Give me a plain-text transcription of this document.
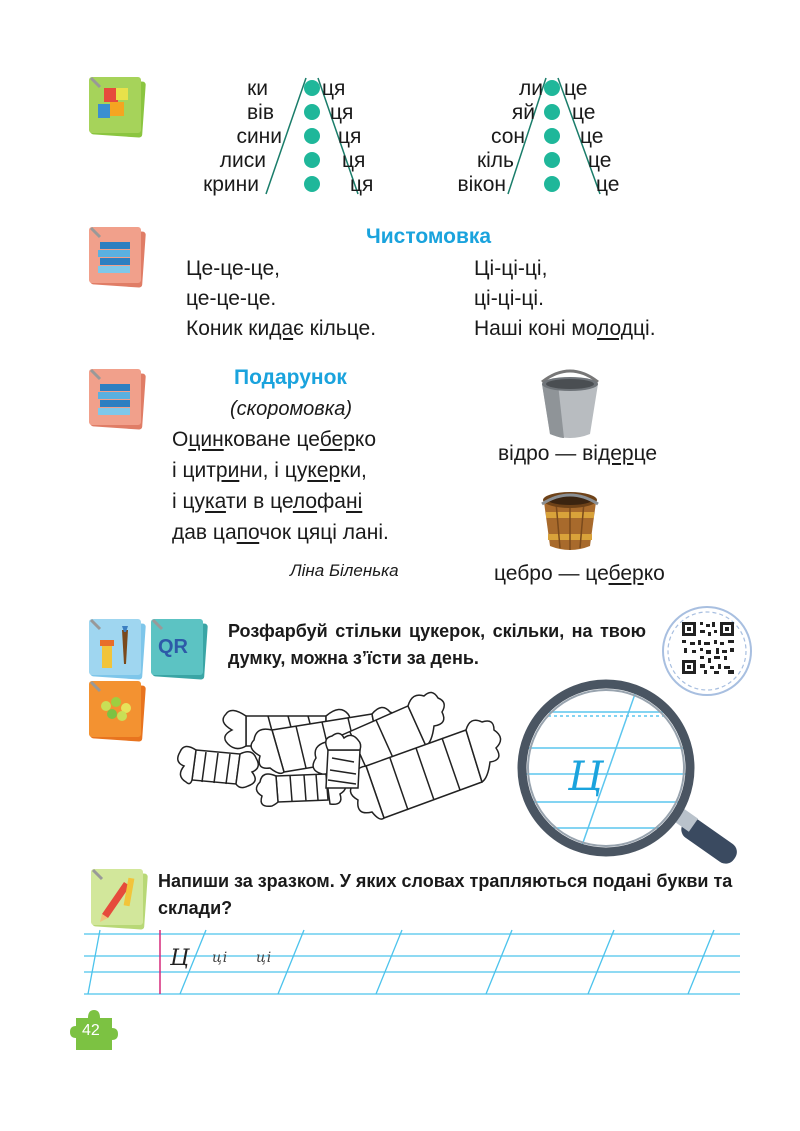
ки
вів
сини
лиси
крини
ця
ця
ця
ця
ця
ли
яй
сон
кіль
вікон
це
це
це
це
це
Чистомовка
Це-це-це,
це-це-це.
Коник кидає кільце.
Ці-ці-ці,
ці-ці-ці.
Наші коні молодці.
Подарунок
(скоромовка)
Оцинковане цеберко
і цитрини, і цукерки,
і цукати в целофані
дав цапочок цяці лані.
Ліна Біленька
відро — відерце
цебро — цеберко
QR
Розфарбуй стільки цукерок, скільки, на твою думку, можна з’їсти за день.
Ц
Напиши за зразком. У яких словах трапляються подані букви та склади?
Ц ці ці
42
